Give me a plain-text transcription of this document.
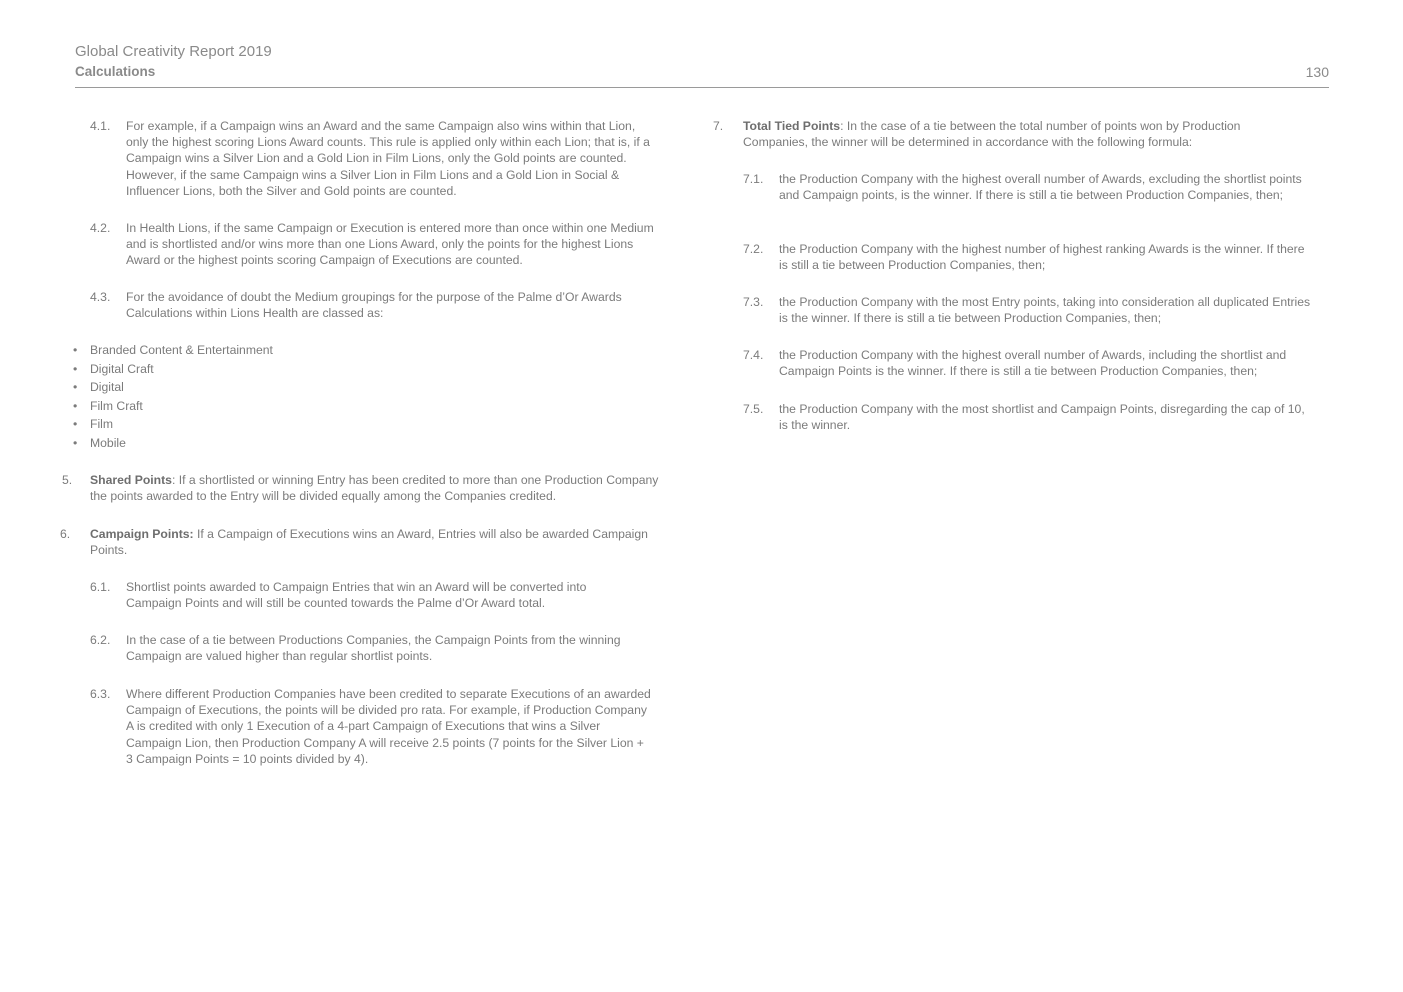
Global Creativity Report 2019
Calculations	130
4.1. For example, if a Campaign wins an Award and the same Campaign also wins within that Lion, only the highest scoring Lions Award counts. This rule is applied only within each Lion; that is, if a Campaign wins a Silver Lion and a Gold Lion in Film Lions, only the Gold points are counted. However, if the same Campaign wins a Silver Lion in Film Lions and a Gold Lion in Social & Influencer Lions, both the Silver and Gold points are counted.
4.2. In Health Lions, if the same Campaign or Execution is entered more than once within one Medium and is shortlisted and/or wins more than one Lions Award, only the points for the highest Lions Award or the highest points scoring Campaign of Executions are counted.
4.3. For the avoidance of doubt the Medium groupings for the purpose of the Palme d’Or Awards Calculations within Lions Health are classed as:
• Branded Content & Entertainment
• Digital Craft
• Digital
• Film Craft
• Film
• Mobile
5. Shared Points: If a shortlisted or winning Entry has been credited to more than one Production Company the points awarded to the Entry will be divided equally among the Companies credited.
6. Campaign Points: If a Campaign of Executions wins an Award, Entries will also be awarded Campaign Points.
6.1. Shortlist points awarded to Campaign Entries that win an Award will be converted into Campaign Points and will still be counted towards the Palme d’Or Award total.
6.2. In the case of a tie between Productions Companies, the Campaign Points from the winning Campaign are valued higher than regular shortlist points.
6.3. Where different Production Companies have been credited to separate Executions of an awarded Campaign of Executions, the points will be divided pro rata. For example, if Production Company A is credited with only 1 Execution of a 4-part Campaign of Executions that wins a Silver Campaign Lion, then Production Company A will receive 2.5 points (7 points for the Silver Lion + 3 Campaign Points = 10 points divided by 4).
7. Total Tied Points: In the case of a tie between the total number of points won by Production Companies, the winner will be determined in accordance with the following formula:
7.1. the Production Company with the highest overall number of Awards, excluding the shortlist points and Campaign points, is the winner. If there is still a tie between Production Companies, then;
7.2. the Production Company with the highest number of highest ranking Awards is the winner. If there is still a tie between Production Companies, then;
7.3. the Production Company with the most Entry points, taking into consideration all duplicated Entries is the winner. If there is still a tie between Production Companies, then;
7.4. the Production Company with the highest overall number of Awards, including the shortlist and Campaign Points is the winner. If there is still a tie between Production Companies, then;
7.5. the Production Company with the most shortlist and Campaign Points, disregarding the cap of 10, is the winner.
